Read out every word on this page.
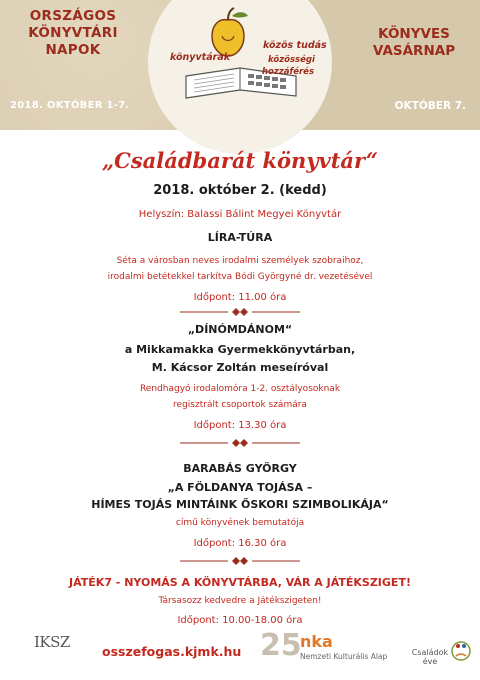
ORSZÁGOS
KÖNYVTÁRI
NAPOK
2018. OKTÓBER 1-7.
könyvtárak
közös tudás
közösségi
hozzáférés
KÖNYVES
VASÁRNAP
OKTÓBER 7.
„Családbarát könyvtár“
2018. október 2. (kedd)
Helyszín: Balassi Bálint Megyei Könyvtár
LÍRA-TÚRA
Séta a városban neves irodalmi személyek szobraihoz,
irodalmi betétekkel tarkítva Bódi Györgyné dr. vezetésével
Időpont: 11.00 óra
„DÍNÓMDÁNOM“
a Mikkamakka Gyermekkönyvtárban,
M. Kácsor Zoltán meseíróval
Rendhagyó irodalomóra 1-2. osztályosoknak
regisztrált csoportok számára
Időpont: 13.30 óra
BARABÁS GYÖRGY
„A FÖLDANYA TOJÁSA –
HÍMES TOJÁS MINTÁINK ŐSKORI SZIMBOLIKÁJA“
című könyvének bemutatója
Időpont: 16.30 óra
JÁTÉK7 - NYOMÁS A KÖNYVTÁRBA, VÁR A JÁTÉKSZIGET!
Társasozz kedvedre a Játékszigeten!
Időpont: 10.00-18.00 óra
IKSZ
osszefogas.kjmk.hu 25
nka
Nemzeti Kulturális Alap	Családok
éve
